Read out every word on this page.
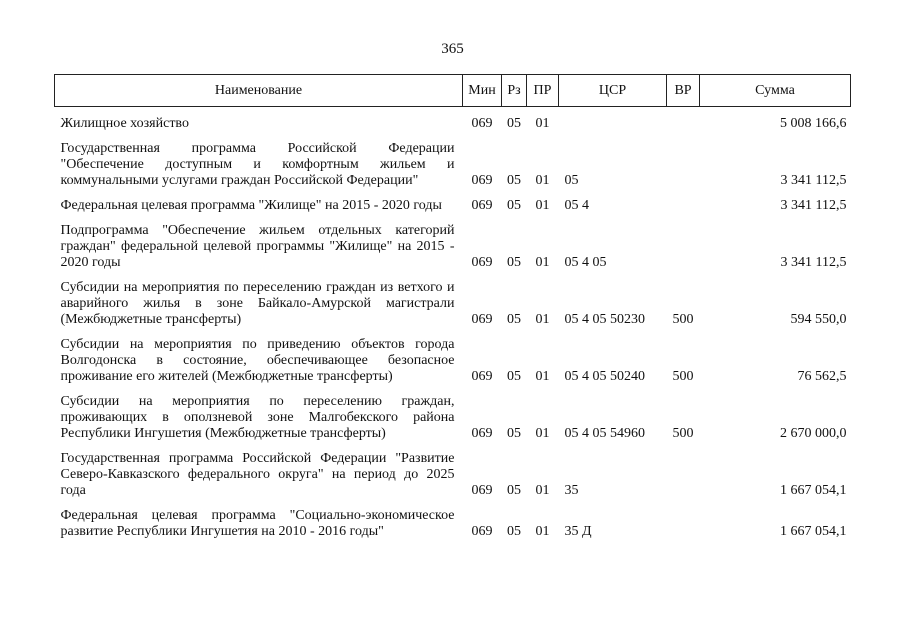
365
Наименование	Мин	Рз	ПР	ЦСР	ВР	Сумма

Жилищное хозяйство	069	05	01			5 008 166,6

Государственная программа Российской Федерации "Обеспечение доступным и комфортным жильем и коммунальными услугами граждан Российской Федерации"	069	05	01	05		3 341 112,5

Федеральная целевая программа "Жилище" на 2015 - 2020 годы	069	05	01	05 4		3 341 112,5

Подпрограмма "Обеспечение жильем отдельных категорий граждан" федеральной целевой программы "Жилище" на 2015 - 2020 годы	069	05	01	05 4 05		3 341 112,5

Субсидии на мероприятия по переселению граждан из ветхого и аварийного жилья в зоне Байкало-Амурской магистрали (Межбюджетные трансферты)	069	05	01	05 4 05 50230	500	594 550,0

Субсидии на мероприятия по приведению объектов города Волгодонска в состояние, обеспечивающее безопасное проживание его жителей (Межбюджетные трансферты)	069	05	01	05 4 05 50240	500	76 562,5

Субсидии на мероприятия по переселению граждан, проживающих в оползневой зоне Малгобекского района Республики Ингушетия (Межбюджетные трансферты)	069	05	01	05 4 05 54960	500	2 670 000,0

Государственная программа Российской Федерации "Развитие Северо-Кавказского федерального округа" на период до 2025 года	069	05	01	35		1 667 054,1

Федеральная целевая программа "Социально-экономическое развитие Республики Ингушетия на 2010 - 2016 годы"	069	05	01	35 Д		1 667 054,1
